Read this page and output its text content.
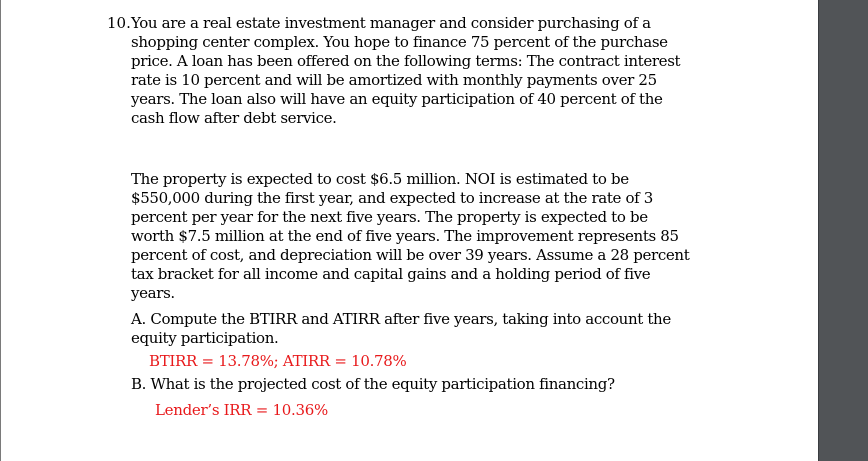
10. You are a real estate investment manager and consider purchasing of a shopping center complex. You hope to finance 75 percent of the purchase price. A loan has been offered on the following terms: The contract interest rate is 10 percent and will be amortized with monthly payments over 25 years. The loan also will have an equity participation of 40 percent of the cash flow after debt service.

The property is expected to cost $6.5 million. NOI is estimated to be $550,000 during the first year, and expected to increase at the rate of 3 percent per year for the next five years. The property is expected to be worth $7.5 million at the end of five years. The improvement represents 85 percent of cost, and depreciation will be over 39 years. Assume a 28 percent tax bracket for all income and capital gains and a holding period of five years.

A. Compute the BTIRR and ATIRR after five years, taking into account the equity participation.
BTIRR = 13.78%; ATIRR = 10.78%
B. What is the projected cost of the equity participation financing?
Lender’s IRR = 10.36%
